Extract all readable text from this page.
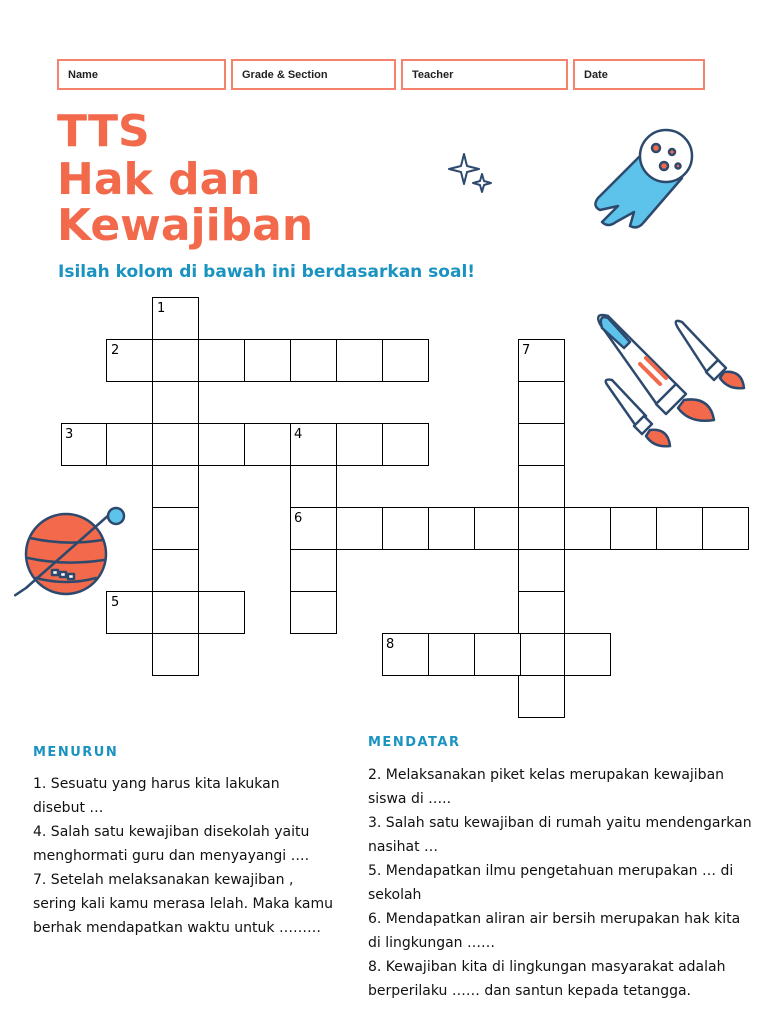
Name	Grade & Section	Teacher	Date
TTS
Hak dan
Kewajiban
Isilah kolom di bawah ini berdasarkan soal!
1
2
3	4
5
6
7
8
MENURUN
1. Sesuatu yang harus kita lakukan
disebut …
4. Salah satu kewajiban disekolah yaitu
menghormati guru dan menyayangi ….
7. Setelah melaksanakan kewajiban ,
sering kali kamu merasa lelah. Maka kamu
berhak mendapatkan waktu untuk ………
MENDATAR
2. Melaksanakan piket kelas merupakan kewajiban
siswa di …..
3. Salah satu kewajiban di rumah yaitu mendengarkan
nasihat …
5. Mendapatkan ilmu pengetahuan merupakan … di
sekolah
6. Mendapatkan aliran air bersih merupakan hak kita
di lingkungan ……
8. Kewajiban kita di lingkungan masyarakat adalah
berperilaku …… dan santun kepada tetangga.
